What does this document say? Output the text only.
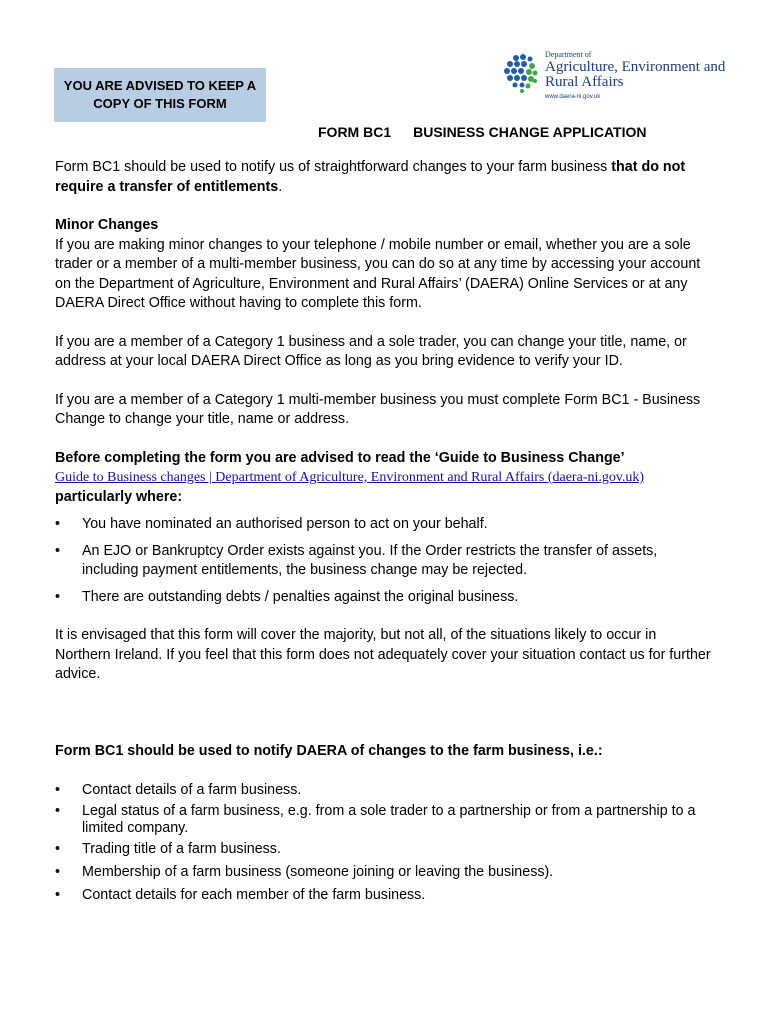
YOU ARE ADVISED TO KEEP A COPY OF THIS FORM
Department of
Agriculture, Environment and Rural Affairs
www.daera-ni.gov.uk
FORM BC1 BUSINESS CHANGE APPLICATION

Form BC1 should be used to notify us of straightforward changes to your farm business that do not require a transfer of entitlements.

Minor Changes

If you are making minor changes to your telephone / mobile number or email, whether you are a sole trader or a member of a multi-member business, you can do so at any time by accessing your account on the Department of Agriculture, Environment and Rural Affairs’ (DAERA) Online Services or at any DAERA Direct Office without having to complete this form.

If you are a member of a Category 1 business and a sole trader, you can change your title, name, or address at your local DAERA Direct Office as long as you bring evidence to verify your ID.

If you are a member of a Category 1 multi-member business you must complete Form BC1 - Business Change to change your title, name or address.

Before completing the form you are advised to read the ‘Guide to Business Change’

Guide to Business changes | Department of Agriculture, Environment and Rural Affairs (daera-ni.gov.uk)

particularly where:

• You have nominated an authorised person to act on your behalf.
• An EJO or Bankruptcy Order exists against you. If the Order restricts the transfer of assets, including payment entitlements, the business change may be rejected.
• There are outstanding debts / penalties against the original business.

It is envisaged that this form will cover the majority, but not all, of the situations likely to occur in Northern Ireland. If you feel that this form does not adequately cover your situation contact us for further advice.

Form BC1 should be used to notify DAERA of changes to the farm business, i.e.:

• Contact details of a farm business.
• Legal status of a farm business, e.g. from a sole trader to a partnership or from a partnership to a limited company.
• Trading title of a farm business.
• Membership of a farm business (someone joining or leaving the business).
• Contact details for each member of the farm business.
